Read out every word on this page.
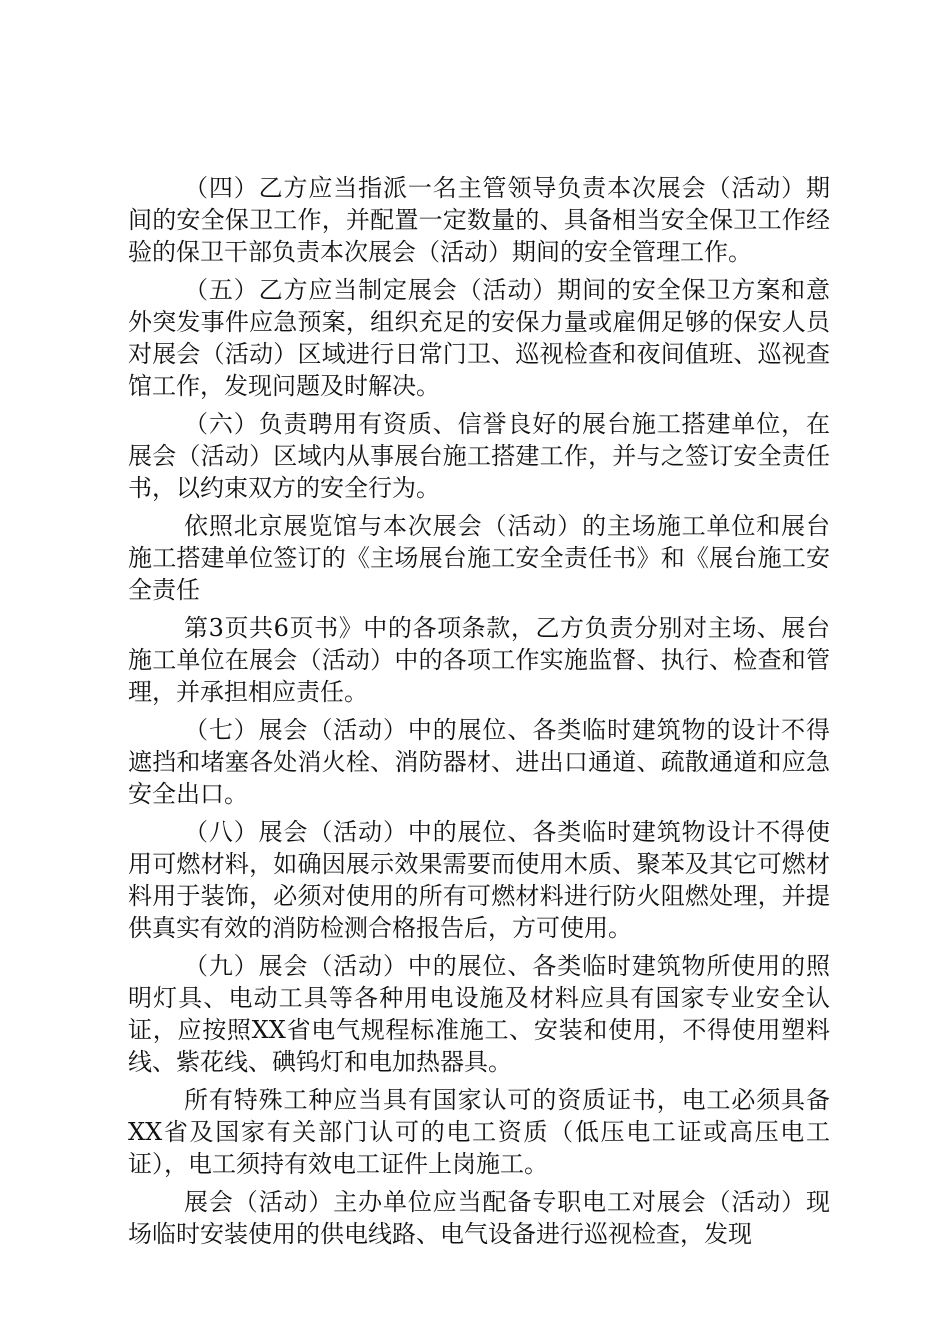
（四）乙方应当指派一名主管领导负责本次展会（活动）期间的安全保卫工作，并配置一定数量的、具备相当安全保卫工作经验的保卫干部负责本次展会（活动）期间的安全管理工作。

（五）乙方应当制定展会（活动）期间的安全保卫方案和意外突发事件应急预案，组织充足的安保力量或雇佣足够的保安人员对展会（活动）区域进行日常门卫、巡视检查和夜间值班、巡视查馆工作，发现问题及时解决。

（六）负责聘用有资质、信誉良好的展台施工搭建单位，在展会（活动）区域内从事展台施工搭建工作，并与之签订安全责任书，以约束双方的安全行为。

依照北京展览馆与本次展会（活动）的主场施工单位和展台施工搭建单位签订的《主场展台施工安全责任书》和《展台施工安全责任

第3页共6页书》中的各项条款，乙方负责分别对主场、展台施工单位在展会（活动）中的各项工作实施监督、执行、检查和管理，并承担相应责任。

（七）展会（活动）中的展位、各类临时建筑物的设计不得遮挡和堵塞各处消火栓、消防器材、进出口通道、疏散通道和应急安全出口。

（八）展会（活动）中的展位、各类临时建筑物设计不得使用可燃材料，如确因展示效果需要而使用木质、聚苯及其它可燃材料用于装饰，必须对使用的所有可燃材料进行防火阻燃处理，并提供真实有效的消防检测合格报告后，方可使用。

（九）展会（活动）中的展位、各类临时建筑物所使用的照明灯具、电动工具等各种用电设施及材料应具有国家专业安全认证，应按照XX省电气规程标准施工、安装和使用，不得使用塑料线、紫花线、碘钨灯和电加热器具。

所有特殊工种应当具有国家认可的资质证书，电工必须具备XX省及国家有关部门认可的电工资质（低压电工证或高压电工证），电工须持有效电工证件上岗施工。

展会（活动）主办单位应当配备专职电工对展会（活动）现场临时安装使用的供电线路、电气设备进行巡视检查，发现
